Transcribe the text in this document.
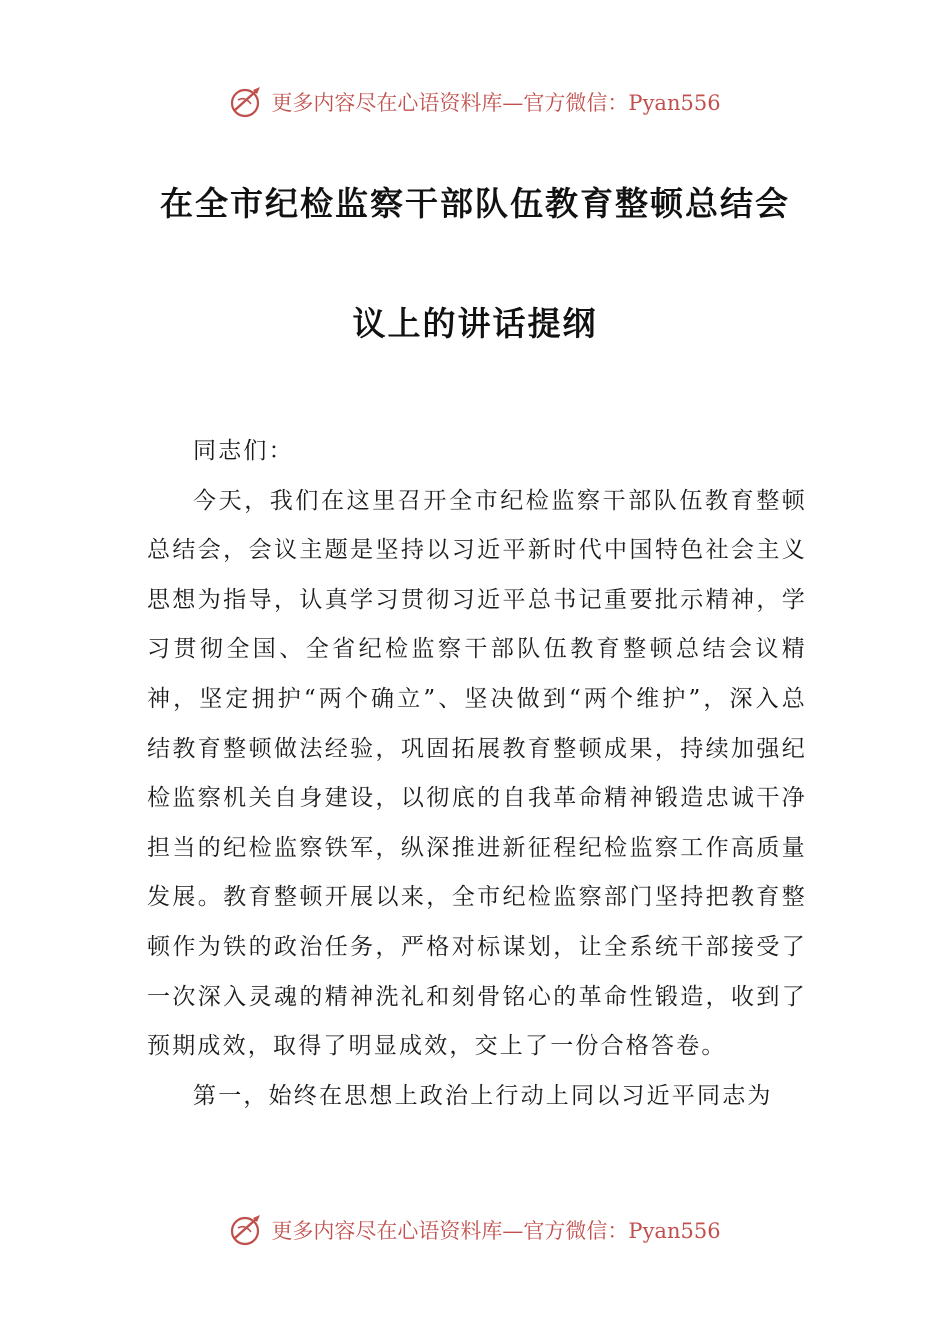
更多内容尽在心语资料库—官方微信：Pyan556
在全市纪检监察干部队伍教育整顿总结会
议上的讲话提纲

同志们：

今天，我们在这里召开全市纪检监察干部队伍教育整顿总结会，会议主题是坚持以习近平新时代中国特色社会主义思想为指导，认真学习贯彻习近平总书记重要批示精神，学习贯彻全国、全省纪检监察干部队伍教育整顿总结会议精神，坚定拥护“两个确立”、坚决做到“两个维护”，深入总结教育整顿做法经验，巩固拓展教育整顿成果，持续加强纪检监察机关自身建设，以彻底的自我革命精神锻造忠诚干净担当的纪检监察铁军，纵深推进新征程纪检监察工作高质量发展。教育整顿开展以来，全市纪检监察部门坚持把教育整顿作为铁的政治任务，严格对标谋划，让全系统干部接受了一次深入灵魂的精神洗礼和刻骨铭心的革命性锻造，收到了预期成效，取得了明显成效，交上了一份合格答卷。

第一，始终在思想上政治上行动上同以习近平同志为

更多内容尽在心语资料库—官方微信：Pyan556
